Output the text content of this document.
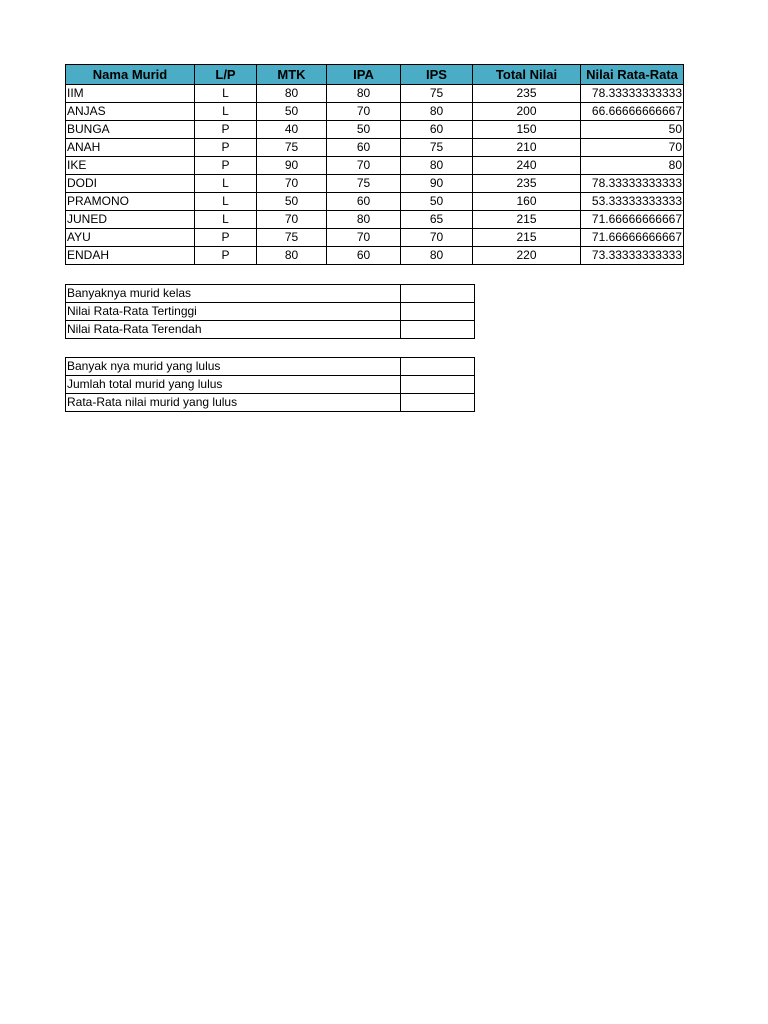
Nama Murid	L/P	MTK	IPA	IPS	Total Nilai	Nilai Rata-Rata
IIM	L	80	80	75	235	78.33333333333
ANJAS	L	50	70	80	200	66.66666666667
BUNGA	P	40	50	60	150	50
ANAH	P	75	60	75	210	70
IKE	P	90	70	80	240	80
DODI	L	70	75	90	235	78.33333333333
PRAMONO	L	50	60	50	160	53.33333333333
JUNED	L	70	80	65	215	71.66666666667
AYU	P	75	70	70	215	71.66666666667
ENDAH	P	80	60	80	220	73.33333333333
Banyaknya murid kelas	
Nilai Rata-Rata Tertinggi	
Nilai Rata-Rata Terendah	
Banyak nya murid yang lulus	
Jumlah total murid yang lulus	
Rata-Rata nilai murid yang lulus	
